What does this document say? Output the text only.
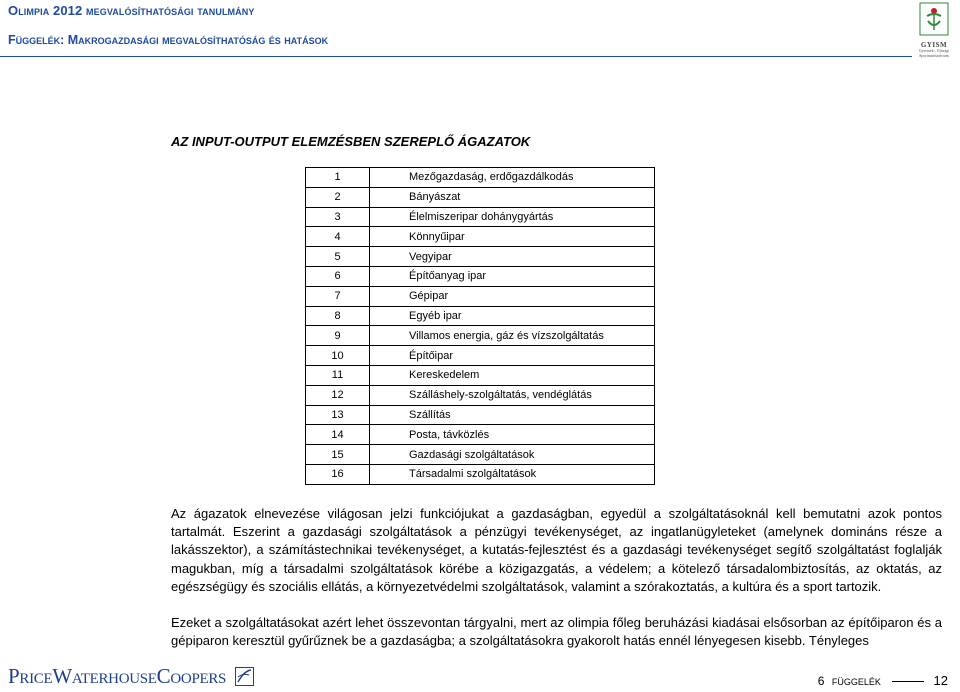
Olimpia 2012 megvalósíthatósági tanulmány
Függelék: Makrogazdasági megvalósíthatóság és hatások	GYISM
Gyermek-, Ifjúsági
Sportminisztérium
AZ INPUT-OUTPUT ELEMZÉSBEN SZEREPLŐ ÁGAZATOK
1	Mezőgazdaság, erdőgazdálkodás
2	Bányászat
3	Élelmiszeripar dohánygyártás
4	Könnyűipar
5	Vegyipar
6	Építőanyag ipar
7	Gépipar
8	Egyéb ipar
9	Villamos energia, gáz és vízszolgáltatás
10	Építőipar
11	Kereskedelem
12	Szálláshely-szolgáltatás, vendéglátás
13	Szállítás
14	Posta, távközlés
15	Gazdasági szolgáltatások
16	Társadalmi szolgáltatások
Az ágazatok elnevezése világosan jelzi funkciójukat a gazdaságban, egyedül a szolgáltatásoknál kell bemutatni azok pontos tartalmát. Eszerint a gazdasági szolgáltatások a pénzügyi tevékenységet, az ingatlanügyleteket (amelynek domináns része a lakásszektor), a számítástechnikai tevékenységet, a kutatás-fejlesztést és a gazdasági tevékenységet segítő szolgáltatást foglalják magukban, míg a társadalmi szolgáltatások körébe a közigazgatás, a védelem; a kötelező társadalombiztosítás, az oktatás, az egészségügy és szociális ellátás, a környezetvédelmi szolgáltatások, valamint a szórakoztatás, a kultúra és a sport tartozik.
Ezeket a szolgáltatásokat azért lehet összevontan tárgyalni, mert az olimpia főleg beruházási kiadásai elsősorban az építőiparon és a gépiparon keresztül gyűrűznek be a gazdaságba; a szolgáltatásokra gyakorolt hatás ennél lényegesen kisebb. Tényleges
PriceWaterhouseCoopers	6 FÜGGELÉK	12
